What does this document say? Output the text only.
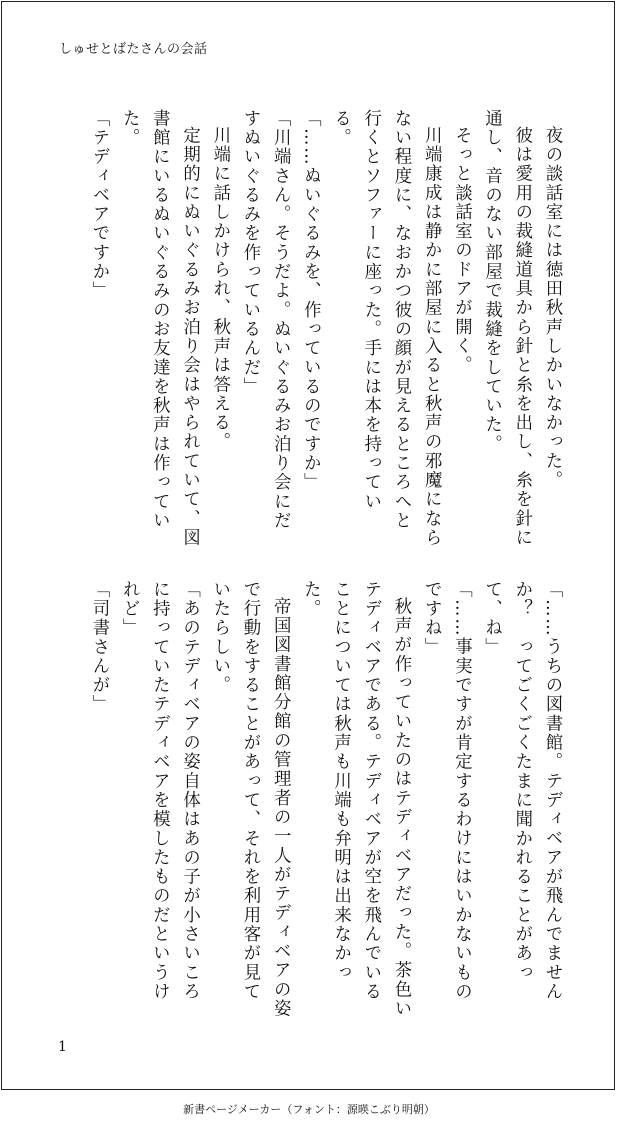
しゅせとばたさんの会話

夜の談話室には徳田秋声しかいなかった。

彼は愛用の裁縫道具から針と糸を出し、糸を針に通し、音のない部屋で裁縫をしていた。

そっと談話室のドアが開く。

川端康成は静かに部屋に入ると秋声の邪魔にならない程度に、なおかつ彼の顔が見えるところへと行くとソファーに座った。手には本を持っている。

「……ぬいぐるみを、作っているのですか」

「川端さん。そうだよ。ぬいぐるみお泊り会にだすぬいぐるみを作っているんだ」

川端に話しかけられ、秋声は答える。

定期的にぬいぐるみお泊り会はやられていて、図書館にいるぬいぐるみのお友達を秋声は作っていた。

「テディベアですか」

「……うちの図書館。テディベアが飛んでませんか？　ってごくごくたまに聞かれることがあって、ね」

「……事実ですが肯定するわけにはいかないものですね」

秋声が作っていたのはテディベアだった。茶色いテディベアである。テディベアが空を飛んでいることについては秋声も川端も弁明は出来なかった。

帝国図書館分館の管理者の一人がテディベアの姿で行動をすることがあって、それを利用客が見ていたらしい。

「あのテディベアの姿自体はあの子が小さいころに持っていたテディベアを模したものだというけれど」

「司書さんが」

1
新書ページメーカー（フォント：源暎こぶり明朝）
